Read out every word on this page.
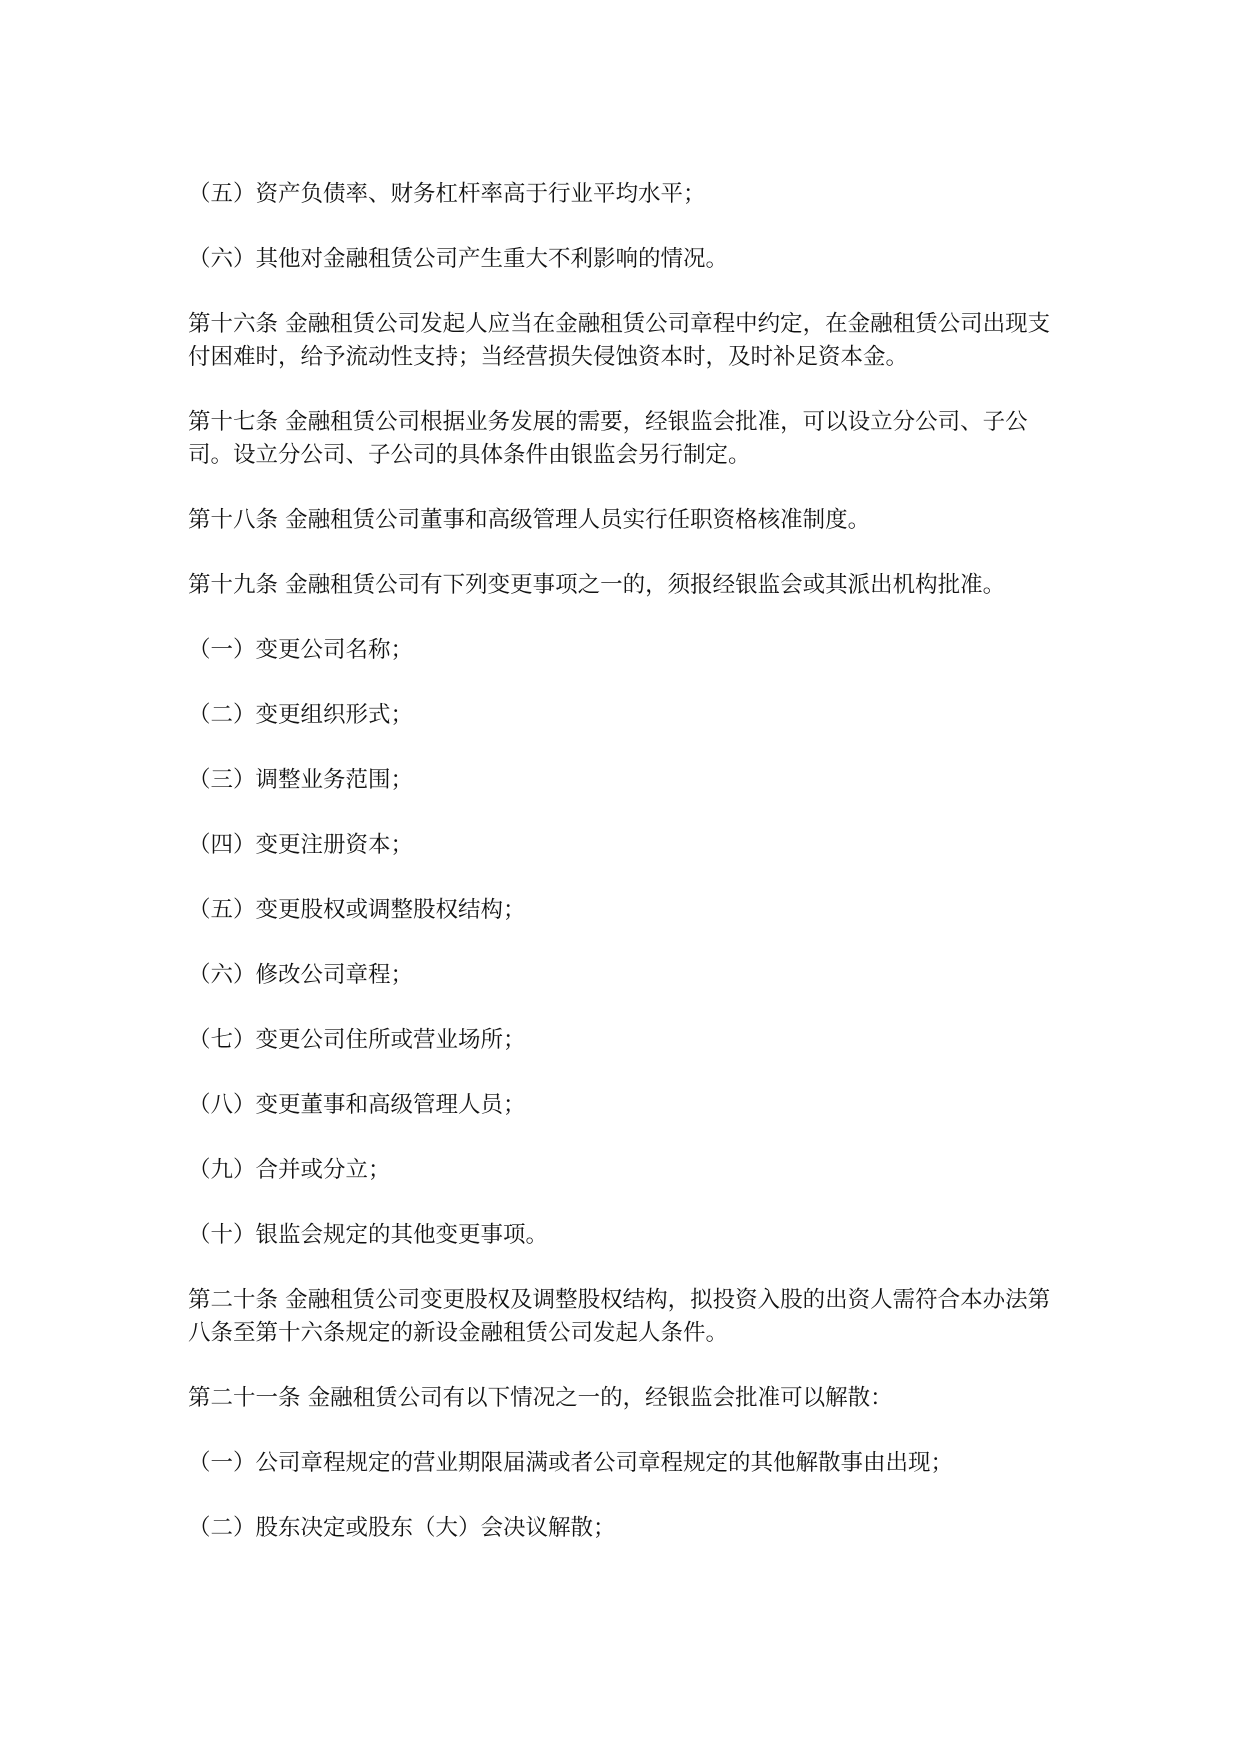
（五）资产负债率、财务杠杆率高于行业平均水平；

（六）其他对金融租赁公司产生重大不利影响的情况。

第十六条 金融租赁公司发起人应当在金融租赁公司章程中约定，在金融租赁公司出现支付困难时，给予流动性支持；当经营损失侵蚀资本时，及时补足资本金。

第十七条 金融租赁公司根据业务发展的需要，经银监会批准，可以设立分公司、子公司。设立分公司、子公司的具体条件由银监会另行制定。

第十八条 金融租赁公司董事和高级管理人员实行任职资格核准制度。

第十九条 金融租赁公司有下列变更事项之一的，须报经银监会或其派出机构批准。

（一）变更公司名称；

（二）变更组织形式；

（三）调整业务范围；

（四）变更注册资本；

（五）变更股权或调整股权结构；

（六）修改公司章程；

（七）变更公司住所或营业场所；

（八）变更董事和高级管理人员；

（九）合并或分立；

（十）银监会规定的其他变更事项。

第二十条 金融租赁公司变更股权及调整股权结构，拟投资入股的出资人需符合本办法第八条至第十六条规定的新设金融租赁公司发起人条件。

第二十一条 金融租赁公司有以下情况之一的，经银监会批准可以解散：

（一）公司章程规定的营业期限届满或者公司章程规定的其他解散事由出现；

（二）股东决定或股东（大）会决议解散；
